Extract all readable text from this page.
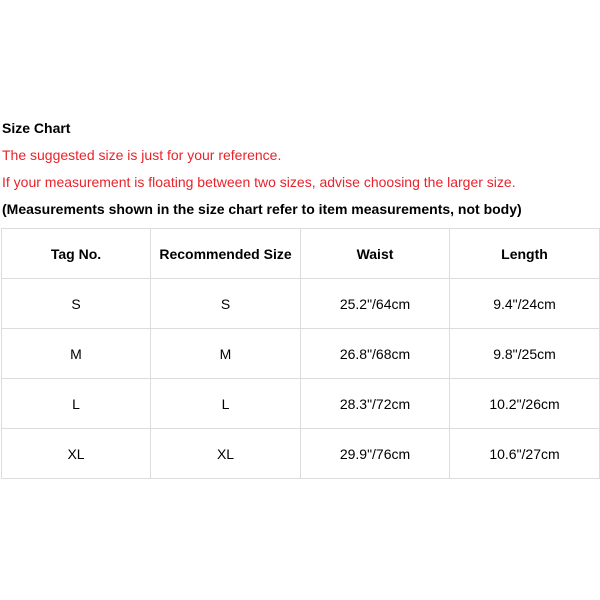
Size Chart
The suggested size is just for your reference.
If your measurement is floating between two sizes, advise choosing the larger size.
(Measurements shown in the size chart refer to item measurements, not body)
Tag No.	Recommended Size	Waist	Length
S	S	25.2"/64cm	9.4"/24cm
M	M	26.8"/68cm	9.8"/25cm
L	L	28.3"/72cm	10.2"/26cm
XL	XL	29.9"/76cm	10.6"/27cm
